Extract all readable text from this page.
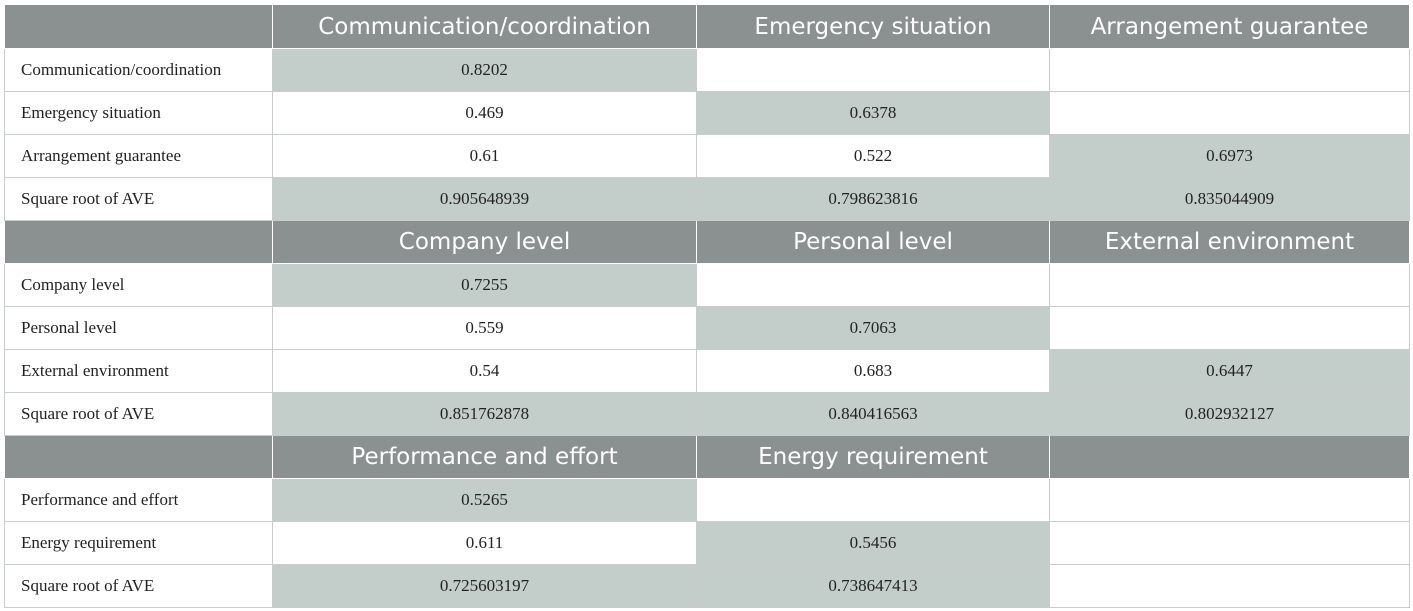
	Communication/coordination	Emergency situation	Arrangement guarantee
Communication/coordination	0.8202		
Emergency situation	0.469	0.6378	
Arrangement guarantee	0.61	0.522	0.6973
Square root of AVE	0.905648939	0.798623816	0.835044909
	Company level	Personal level	External environment
Company level	0.7255		
Personal level	0.559	0.7063	
External environment	0.54	0.683	0.6447
Square root of AVE	0.851762878	0.840416563	0.802932127
	Performance and effort	Energy requirement	
Performance and effort	0.5265		
Energy requirement	0.611	0.5456	
Square root of AVE	0.725603197	0.738647413	
